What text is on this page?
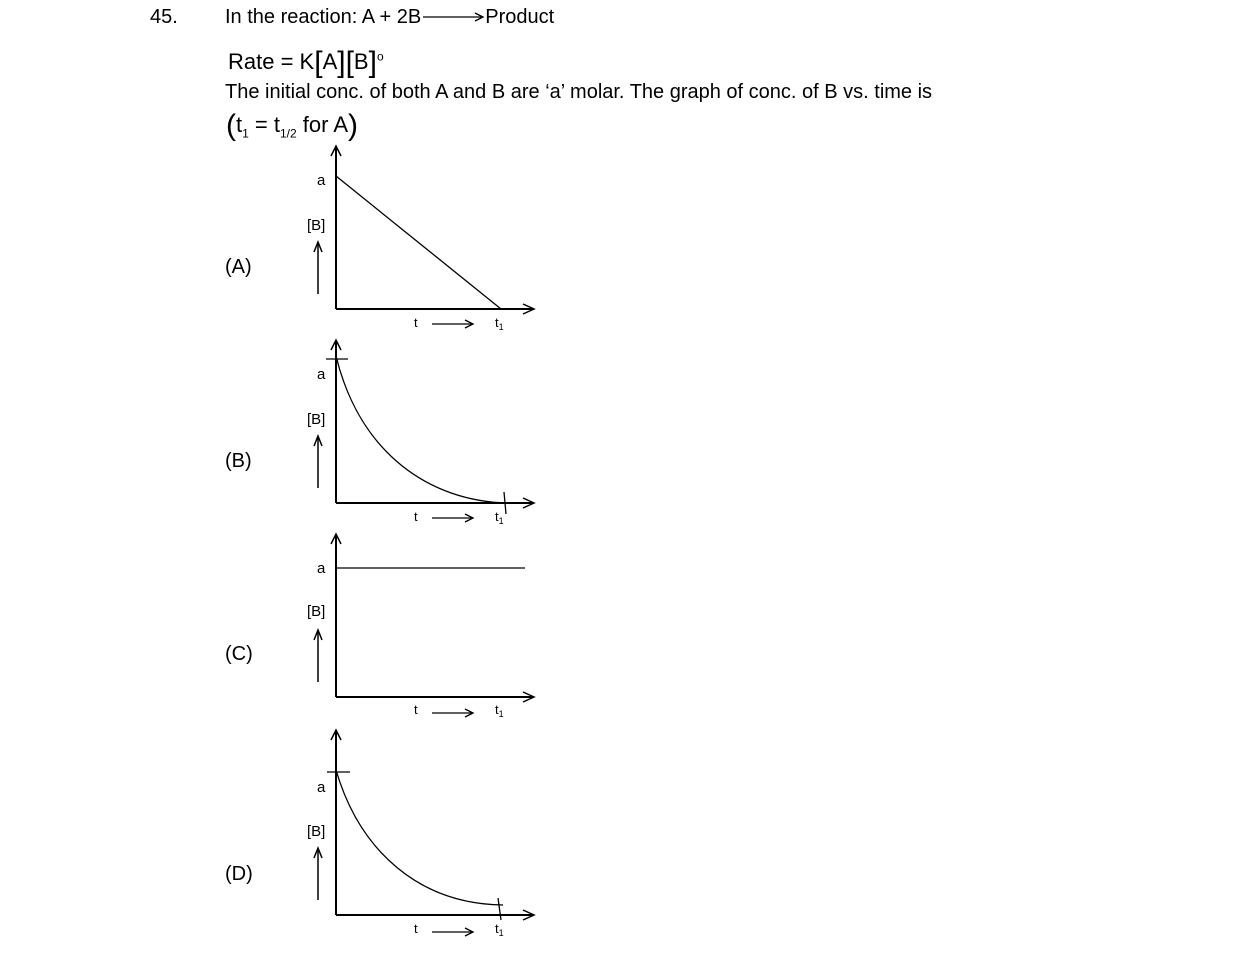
45. In the reaction: A + 2B →Product
Rate = $K[A][B]^o$
The initial conc. of both A and B are ‘a’ molar. The graph of conc. of B vs. time is
($t_1 = t_{1/2}$ for A)
(A)
(B)
(C)
(D)
a
[B]
t	$t_1$
a
[B]
t	$t_1$
a
[B]
t	$t_1$
a
[B]
t	$t_1$
